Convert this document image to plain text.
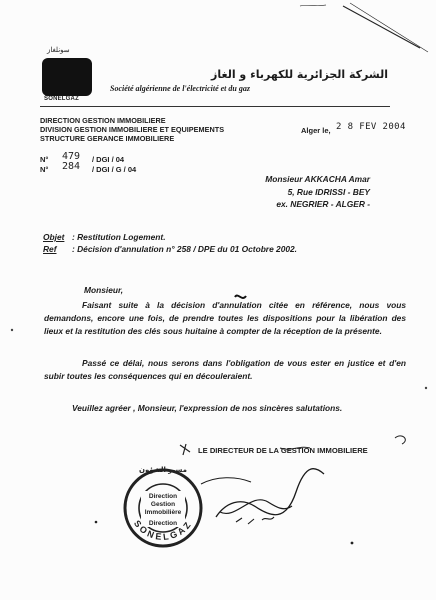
سونلغاز
SONELGAZ
الشركة الجزائرية للكهرباء و الغاز
Société algérienne de l'électricité et du gaz
DIRECTION GESTION IMMOBILIERE
DIVISION GESTION IMMOBILIERE ET EQUIPEMENTS
STRUCTURE GERANCE IMMOBILIERE
Alger le, 2 8 FEV 2004
N° 479 / DGI / 04
N° 284 / DGI / G / 04
Monsieur AKKACHA Amar
5, Rue IDRISSI - BEY
ex. NEGRIER - ALGER -
Objet : Restitution Logement.
Ref : Décision d'annulation n° 258 / DPE du 01 Octobre 2002.
Monsieur,
Faisant suite à la décision d'annulation citée en référence, nous vous demandons, encore une fois, de prendre toutes les dispositions pour la libération des lieux et la restitution des clés sous huitaine à compter de la réception de la présente.
Passé ce délai, nous serons dans l'obligation de vous ester en justice et d'en subir toutes les conséquences qui en découleraient.
Veuillez agréer , Monsieur, l'expression de nos sincères salutations.
LE DIRECTEUR DE LA GESTION IMMOBILIERE
مسير الشؤون
Direction
Gestion
Immobilière
Direction
SONELGAZ
